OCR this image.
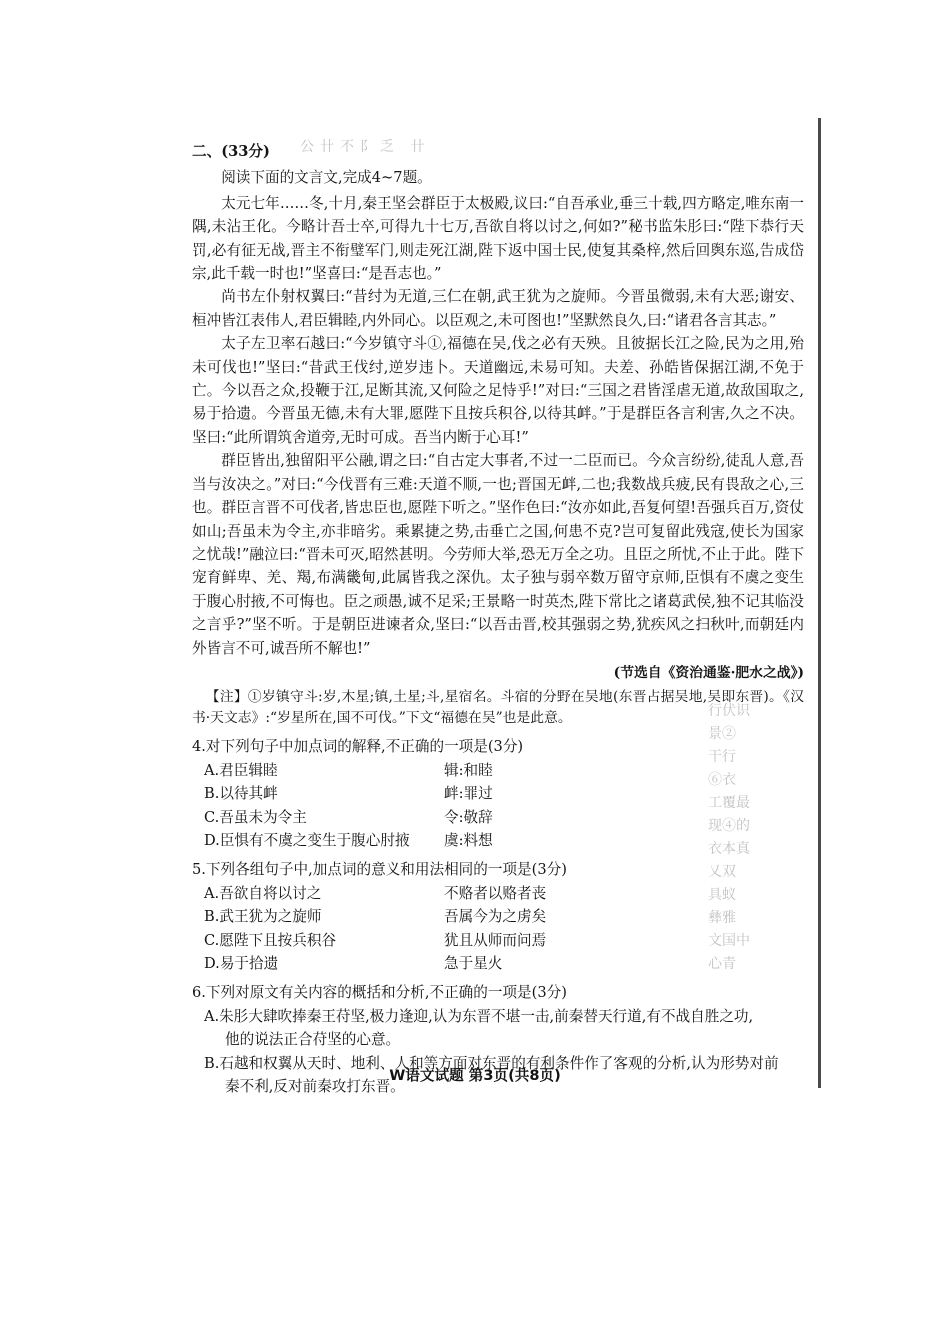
公卄不阝乏 卄
行伏识
景②
干行
⑥衣
工覆最
现④的
衣本真
乂双
具蚁
彝雅
文国中
心青

二、(33分)

阅读下面的文言文,完成4~7题。

太元七年……冬,十月,秦王坚会群臣于太极殿,议曰:“自吾承业,垂三十载,四方略定,唯东南一隅,未沾王化。今略计吾士卒,可得九十七万,吾欲自将以讨之,何如?”秘书监朱肜曰:“陛下恭行天罚,必有征无战,晋主不衔璧军门,则走死江湖,陛下返中国士民,使复其桑梓,然后回舆东巡,告成岱宗,此千载一时也!”坚喜曰:“是吾志也。”

尚书左仆射权翼曰:“昔纣为无道,三仁在朝,武王犹为之旋师。今晋虽微弱,未有大恶;谢安、桓冲皆江表伟人,君臣辑睦,内外同心。以臣观之,未可图也!”坚默然良久,曰:“诸君各言其志。”

太子左卫率石越曰:“今岁镇守斗①,福德在吴,伐之必有天殃。且彼据长江之险,民为之用,殆未可伐也!”坚曰:“昔武王伐纣,逆岁违卜。天道幽远,未易可知。夫差、孙皓皆保据江湖,不免于亡。今以吾之众,投鞭于江,足断其流,又何险之足恃乎!”对曰:“三国之君皆淫虐无道,故敌国取之,易于拾遗。今晋虽无德,未有大罪,愿陛下且按兵积谷,以待其衅。”于是群臣各言利害,久之不决。坚曰:“此所谓筑舍道旁,无时可成。吾当内断于心耳!”

群臣皆出,独留阳平公融,谓之曰:“自古定大事者,不过一二臣而已。今众言纷纷,徒乱人意,吾当与汝决之。”对曰:“今伐晋有三难:天道不顺,一也;晋国无衅,二也;我数战兵疲,民有畏敌之心,三也。群臣言晋不可伐者,皆忠臣也,愿陛下听之。”坚作色曰:“汝亦如此,吾复何望!吾强兵百万,资仗如山;吾虽未为令主,亦非暗劣。乘累捷之势,击垂亡之国,何患不克?岂可复留此残寇,使长为国家之忧哉!”融泣曰:“晋未可灭,昭然甚明。今劳师大举,恐无万全之功。且臣之所忧,不止于此。陛下宠育鲜卑、羌、羯,布满畿甸,此属皆我之深仇。太子独与弱卒数万留守京师,臣惧有不虞之变生于腹心肘掖,不可悔也。臣之顽愚,诚不足采;王景略一时英杰,陛下常比之诸葛武侯,独不记其临没之言乎?”坚不听。于是朝臣进谏者众,坚曰:“以吾击晋,校其强弱之势,犹疾风之扫秋叶,而朝廷内外皆言不可,诚吾所不解也!”

(节选自《资治通鉴·肥水之战》)

【注】①岁镇守斗:岁,木星;镇,土星;斗,星宿名。斗宿的分野在吴地(东晋占据吴地,吴即东晋)。《汉书·天文志》:“岁星所在,国不可伐。”下文“福德在吴”也是此意。

4.对下列句子中加点词的解释,不正确的一项是(3分)

A.君臣辑睦	辑:和睦
B.以待其衅	衅:罪过
C.吾虽未为令主	令:敬辞
D.臣惧有不虞之变生于腹心肘掖	虞:料想

5.下列各组句子中,加点词的意义和用法相同的一项是(3分)

A.吾欲自将以讨之	不赂者以赂者丧
B.武王犹为之旋师	吾属今为之虏矣
C.愿陛下且按兵积谷	犹且从师而问焉
D.易于拾遗	急于星火

6.下列对原文有关内容的概括和分析,不正确的一项是(3分)

A.朱肜大肆吹捧秦王苻坚,极力逢迎,认为东晋不堪一击,前秦替天行道,有不战自胜之功,
他的说法正合苻坚的心意。

B.石越和权翼从天时、地利、人和等方面对东晋的有利条件作了客观的分析,认为形势对前
秦不利,反对前秦攻打东晋。

W语文试题 第3页(共8页)
